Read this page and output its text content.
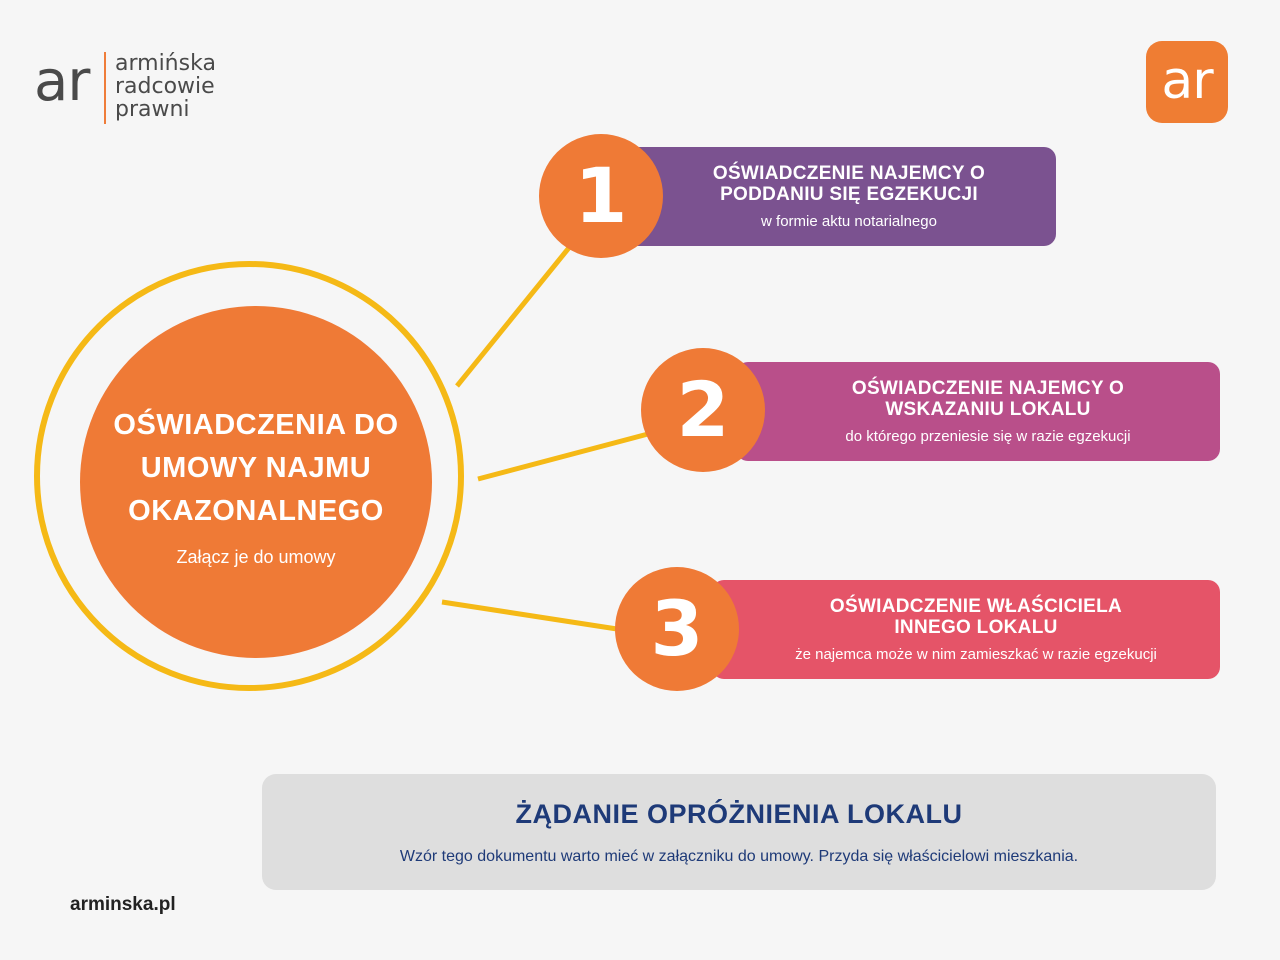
ar armińska
radcowie
prawni	ar
OŚWIADCZENIA DO UMOWY NAJMU OKAZONALNEGO
Załącz je do umowy
OŚWIADCZENIE NAJEMCY O PODDANIU SIĘ EGZEKUCJI
w formie aktu notarialnego
1
OŚWIADCZENIE NAJEMCY O WSKAZANIU LOKALU
do którego przeniesie się w razie egzekucji
2
OŚWIADCZENIE WŁAŚCICIELA INNEGO LOKALU
że najemca może w nim zamieszkać w razie egzekucji
3
ŻĄDANIE OPRÓŻNIENIA LOKALU
Wzór tego dokumentu warto mieć w załączniku do umowy. Przyda się właścicielowi mieszkania.
arminska.pl
